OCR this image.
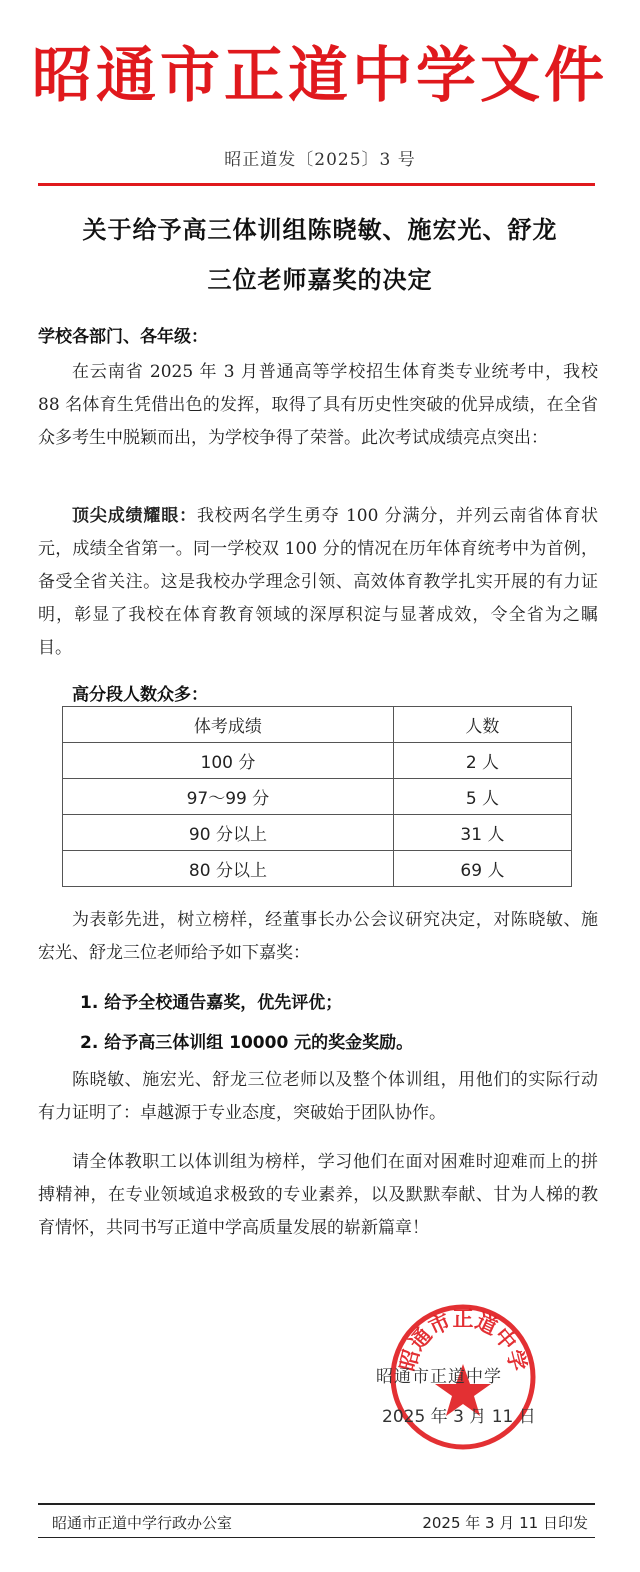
昭通市正道中学文件
昭正道发〔2025〕3 号
关于给予高三体训组陈晓敏、施宏光、舒龙
三位老师嘉奖的决定
学校各部门、各年级：
在云南省 2025 年 3 月普通高等学校招生体育类专业统考中，我校 88 名体育生凭借出色的发挥，取得了具有历史性突破的优异成绩，在全省众多考生中脱颖而出，为学校争得了荣誉。此次考试成绩亮点突出：
顶尖成绩耀眼：我校两名学生勇夺 100 分满分，并列云南省体育状元，成绩全省第一。同一学校双 100 分的情况在历年体育统考中为首例，备受全省关注。这是我校办学理念引领、高效体育教学扎实开展的有力证明，彰显了我校在体育教育领域的深厚积淀与显著成效，令全省为之瞩目。
高分段人数众多：
体考成绩	人数
100 分	2 人
97～99 分	5 人
90 分以上	31 人
80 分以上	69 人
为表彰先进，树立榜样，经董事长办公会议研究决定，对陈晓敏、施宏光、舒龙三位老师给予如下嘉奖：
1. 给予全校通告嘉奖，优先评优；
2. 给予高三体训组 10000 元的奖金奖励。
陈晓敏、施宏光、舒龙三位老师以及整个体训组，用他们的实际行动有力证明了：卓越源于专业态度，突破始于团队协作。
请全体教职工以体训组为榜样，学习他们在面对困难时迎难而上的拼搏精神，在专业领域追求极致的专业素养，以及默默奉献、甘为人梯的教育情怀，共同书写正道中学高质量发展的崭新篇章！
昭通市正道中学
昭通市正道中学
2025 年 3 月 11 日
昭通市正道中学行政办公室	2025 年 3 月 11 日印发
